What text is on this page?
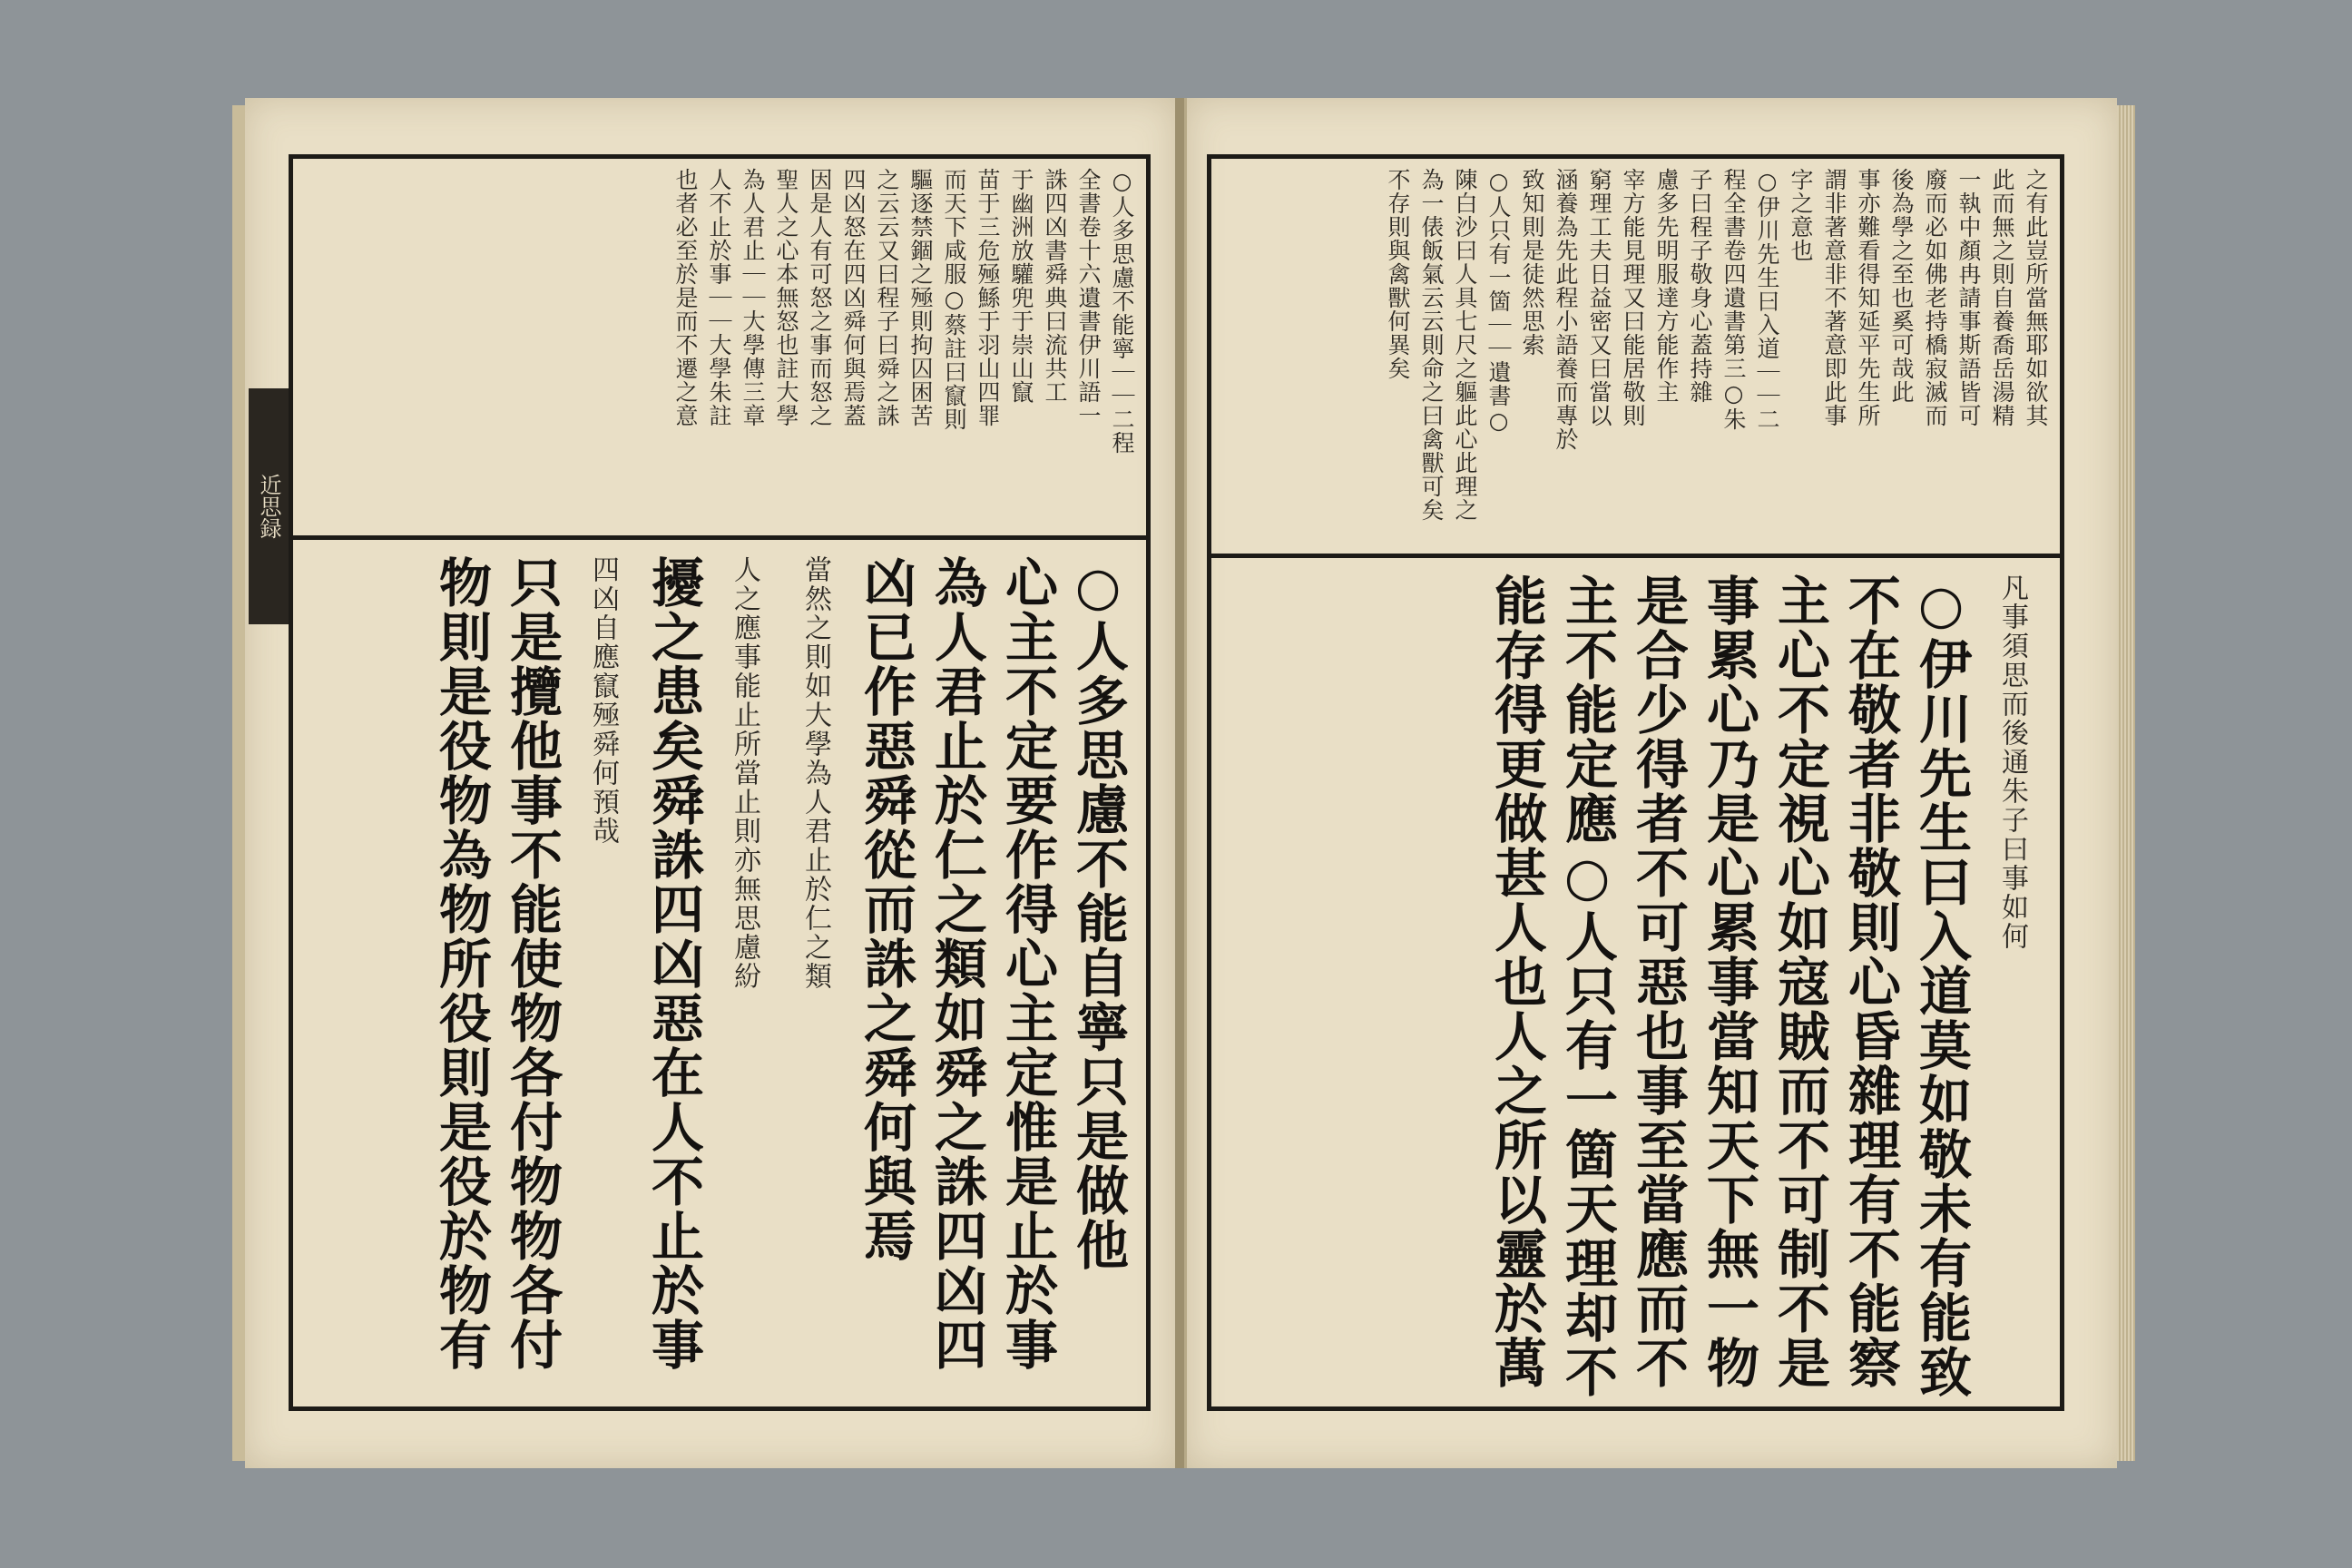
○人多思慮不能寧｜｜二程
全書卷十六遺書伊川語一
誅四凶書舜典曰流共工
于幽洲放驩兜于崇山竄
苗于三危殛鯀于羽山四罪
而天下咸服○蔡註曰竄則
驅逐禁錮之殛則拘囚困苦
之云云又曰程子曰舜之誅
四凶怒在四凶舜何與焉蓋
因是人有可怒之事而怒之
聖人之心本無怒也註大學
為人君止｜｜大學傳三章
人不止於事｜｜大學朱註
也者必至於是而不遷之意
○人多思慮不能自寧只是做他
心主不定要作得心主定惟是止於事
為人君止於仁之類如舜之誅四凶四
凶已作惡舜從而誅之舜何與焉
當然之則如大學為人君止於仁之類
人之應事能止所當止則亦無思慮紛
擾之患矣舜誅四凶惡在人不止於事
四凶自應竄殛舜何預哉
只是攬他事不能使物各付物物各付
物則是役物為物所役則是役於物有
近思録
之有此豈所當無耶如欲其
此而無之則自養喬岳湯精
一執中顏冉請事斯語皆可
廢而必如佛老持橋寂滅而
後為學之至也奚可哉此
事亦難看得知延平先生所
謂非著意非不著意即此事
字之意也
○伊川先生曰入道｜｜二
程全書卷四遺書第三○朱
子曰程子敬身心蓋持雜
慮多先明服達方能作主
宰方能見理又曰能居敬則
窮理工夫日益密又曰當以
涵養為先此程小語養而專於
致知則是徒然思索
○人只有一箇｜｜遺書○
陳白沙曰人具七尺之軀此心此理之
為一俵飯氣云云則命之曰禽獸可矣
不存則與禽獸何異矣
凡事須思而後通朱子曰事如何
○伊川先生曰入道莫如敬未有能致
不在敬者非敬則心昏雜理有不能察
主心不定視心如寇賊而不可制不是
事累心乃是心累事當知天下無一物
是合少得者不可惡也事至當應而不
主不能定應○人只有一箇天理却不
能存得更做甚人也人之所以靈於萬
